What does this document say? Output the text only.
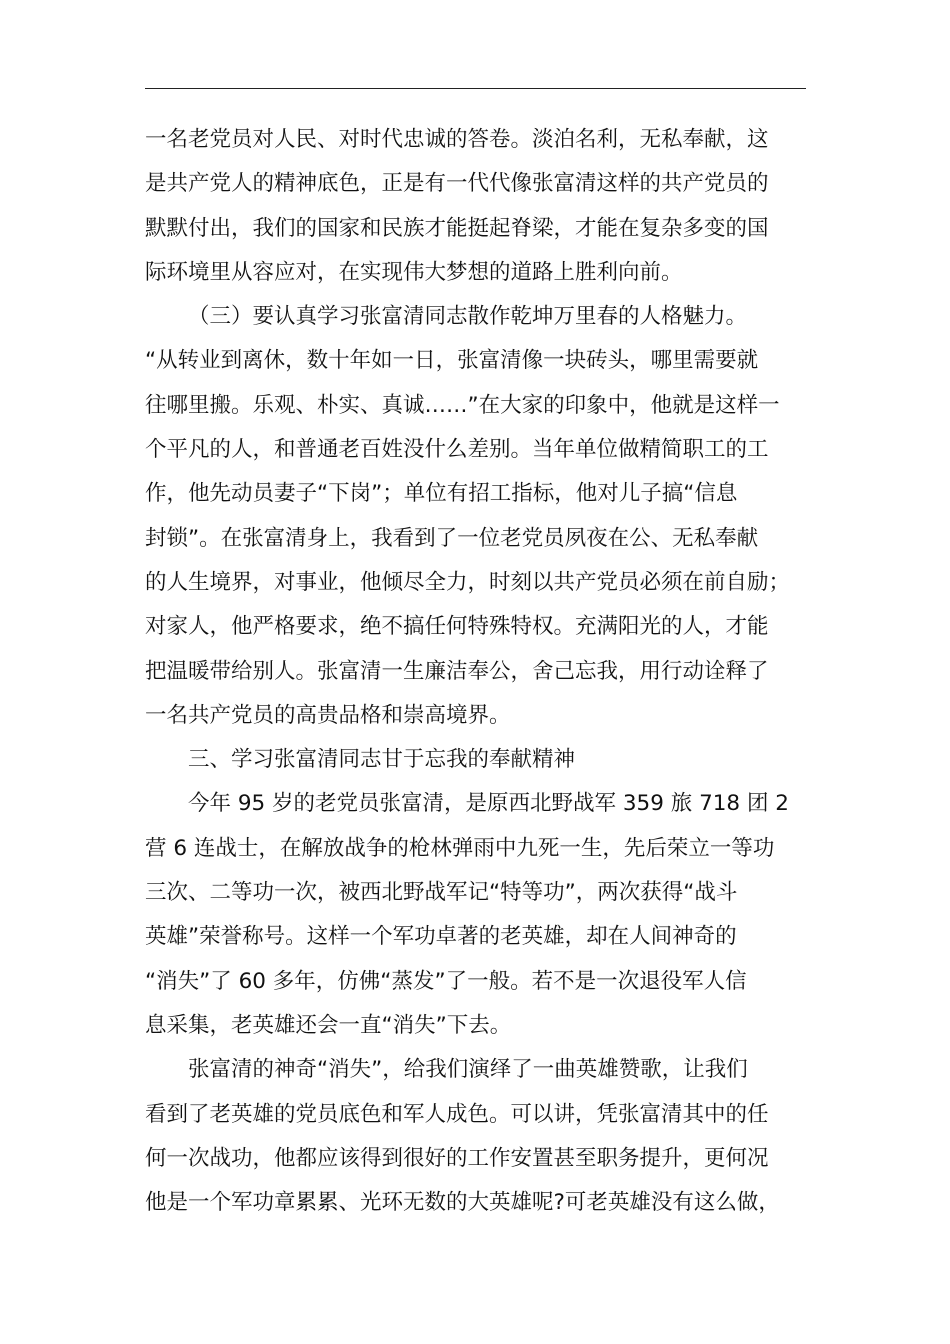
一名老党员对人民、对时代忠诚的答卷。淡泊名利，无私奉献，这
是共产党人的精神底色，正是有一代代像张富清这样的共产党员的
默默付出，我们的国家和民族才能挺起脊梁，才能在复杂多变的国
际环境里从容应对，在实现伟大梦想的道路上胜利向前。
（三）要认真学习张富清同志散作乾坤万里春的人格魅力。
“从转业到离休，数十年如一日，张富清像一块砖头，哪里需要就
往哪里搬。乐观、朴实、真诚……”在大家的印象中，他就是这样一
个平凡的人，和普通老百姓没什么差别。当年单位做精简职工的工
作，他先动员妻子“下岗”；单位有招工指标，他对儿子搞“信息
封锁”。在张富清身上，我看到了一位老党员夙夜在公、无私奉献
的人生境界，对事业，他倾尽全力，时刻以共产党员必须在前自励；
对家人，他严格要求，绝不搞任何特殊特权。充满阳光的人，才能
把温暖带给别人。张富清一生廉洁奉公，舍己忘我，用行动诠释了
一名共产党员的高贵品格和崇高境界。
三、学习张富清同志甘于忘我的奉献精神
今年 95 岁的老党员张富清，是原西北野战军 359 旅 718 团 2
营 6 连战士，在解放战争的枪林弹雨中九死一生，先后荣立一等功
三次、二等功一次，被西北野战军记“特等功”，两次获得“战斗
英雄”荣誉称号。这样一个军功卓著的老英雄，却在人间神奇的
“消失”了 60 多年，仿佛“蒸发”了一般。若不是一次退役军人信
息采集，老英雄还会一直“消失”下去。
张富清的神奇“消失”，给我们演绎了一曲英雄赞歌，让我们
看到了老英雄的党员底色和军人成色。可以讲，凭张富清其中的任
何一次战功，他都应该得到很好的工作安置甚至职务提升，更何况
他是一个军功章累累、光环无数的大英雄呢?可老英雄没有这么做，
